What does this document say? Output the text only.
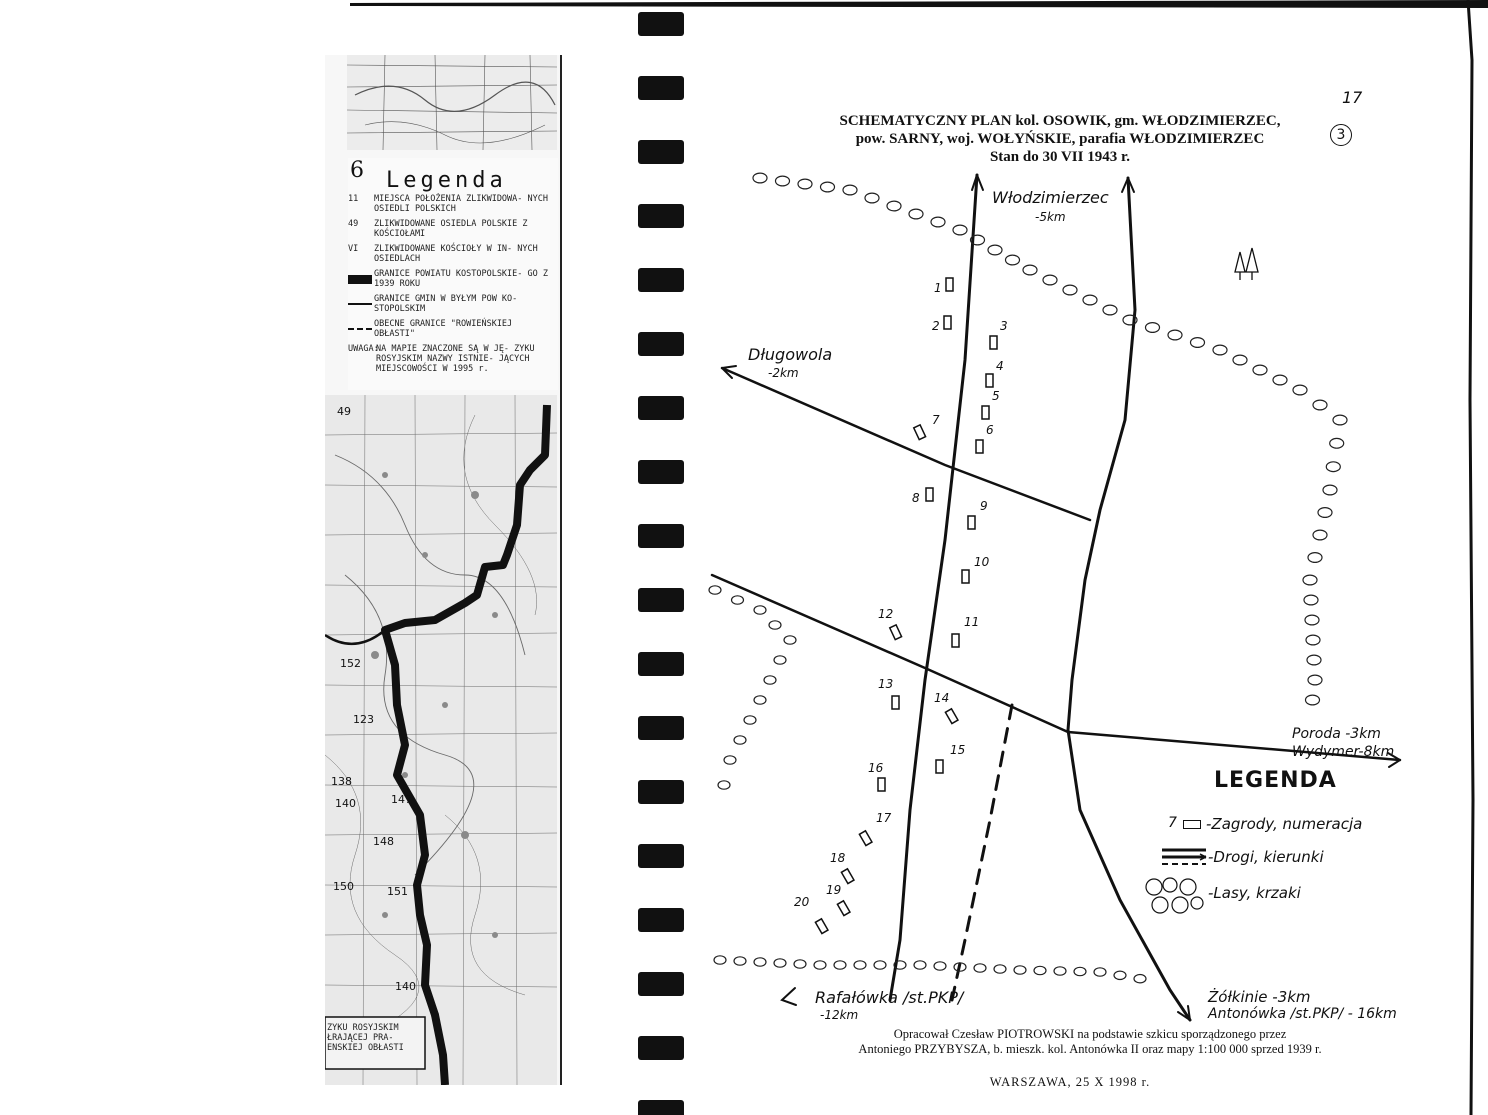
49
150	151
152
123
138
140	147
148
140
ZYKU ROSYJSKIM ŁRAJĄCEJ PRA- ENSKIEJ OBŁASTI
6 Legenda
11	MIEJSCA POŁOŻENIA ZLIKWIDOWA- NYCH OSIEDLI POLSKICH
49	ZLIKWIDOWANE OSIEDLA POLSKIE Z KOŚCIOŁAMI
VI	ZLIKWIDOWANE KOŚCIOŁY W IN- NYCH OSIEDLACH
GRANICE POWIATU KOSTOPOLSKIE- GO Z 1939 ROKU
GRANICE GMIN W BYŁYM POW KO- STOPOLSKIM
OBECNE GRANICE "ROWIEŃSKIEJ OBŁASTI"
UWAGA:
NA MAPIE ZNACZONE SĄ W JĘ- ZYKU ROSYJSKIM NAZWY ISTNIE- JĄCYCH MIEJSCOWOŚCI W 1995 r.
17
SCHEMATYCZNY PLAN kol. OSOWIK, gm. WŁODZIMIERZEC,
pow. SARNY, woj. WOŁYŃSKIE, parafia WŁODZIMIERZEC
Stan do 30 VII 1943 r.
3
1
2	3
4
5
6
7
8
9
10
11
12
13
14
15
16
17
18
19
20
Włodzimierzec
-5km
Długowola
-2km
Poroda -3km
Wydymer-8km
Rafałówka /st.PKP/
-12km
Żółkinie -3km
Antonówka /st.PKP/ - 16km
LEGENDA
7 -Zagrody, numeracja
-Drogi, kierunki
-Lasy, krzaki
Opracował Czesław PIOTROWSKI na podstawie szkicu sporządzonego przez
Antoniego PRZYBYSZA, b. mieszk. kol. Antonówka II oraz mapy 1:100 000 sprzed 1939 r.
WARSZAWA, 25 X 1998 r.
